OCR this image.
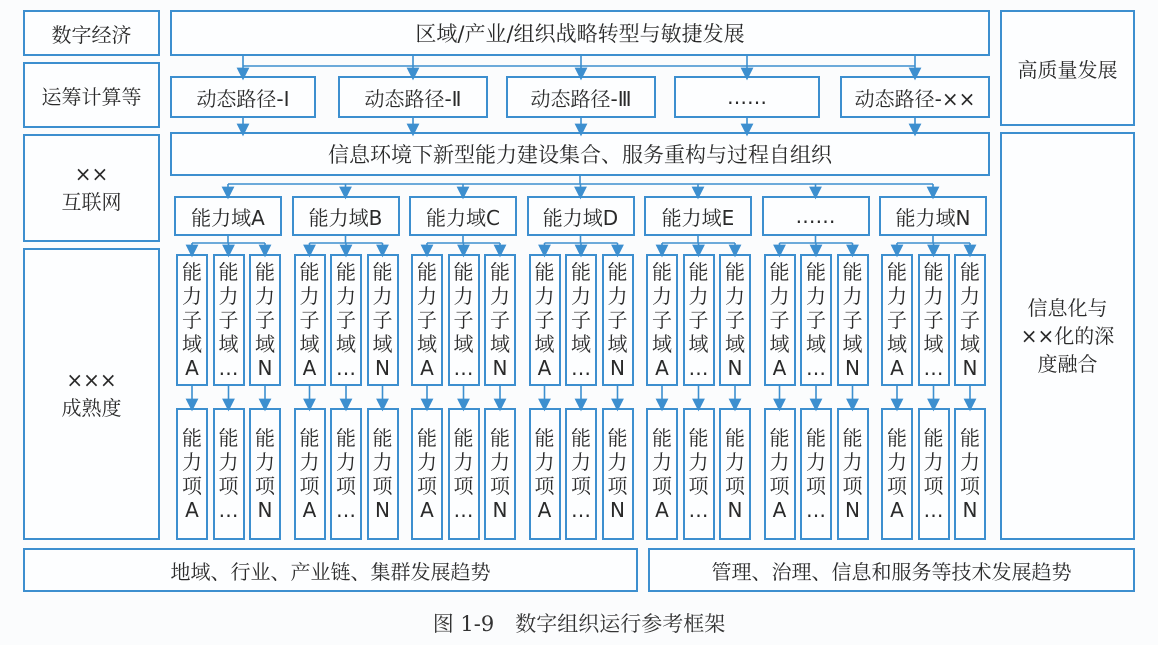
数字经济
运筹计算等
××
互联网
×××
成熟度
高质量发展
信息化与
××化的深
度融合
区域/产业/组织战略转型与敏捷发展
动态路径-Ⅰ	动态路径-Ⅱ	动态路径-Ⅲ	……	动态路径-××
信息环境下新型能力建设集合、服务重构与过程自组织
能力域A
能
力
子
域
A
能
力
项
A
能
力
子
域
…
能
力
项
…
能
力
子
域
N
能
力
项
N
能力域B
能
力
子
域
A
能
力
项
A
能
力
子
域
…
能
力
项
…
能
力
子
域
N
能
力
项
N
能力域C
能
力
子
域
A
能
力
项
A
能
力
子
域
…
能
力
项
…
能
力
子
域
N
能
力
项
N
能力域D
能
力
子
域
A
能
力
项
A
能
力
子
域
…
能
力
项
…
能
力
子
域
N
能
力
项
N
能力域E
能
力
子
域
A
能
力
项
A
能
力
子
域
…
能
力
项
…
能
力
子
域
N
能
力
项
N
……
能
力
子
域
A
能
力
项
A
能
力
子
域
…
能
力
项
…
能
力
子
域
N
能
力
项
N
能力域N
能
力
子
域
A
能
力
项
A
能
力
子
域
…
能
力
项
…
能
力
子
域
N
能
力
项
N
地域、行业、产业链、集群发展趋势	管理、治理、信息和服务等技术发展趋势
图 1-9　数字组织运行参考框架
